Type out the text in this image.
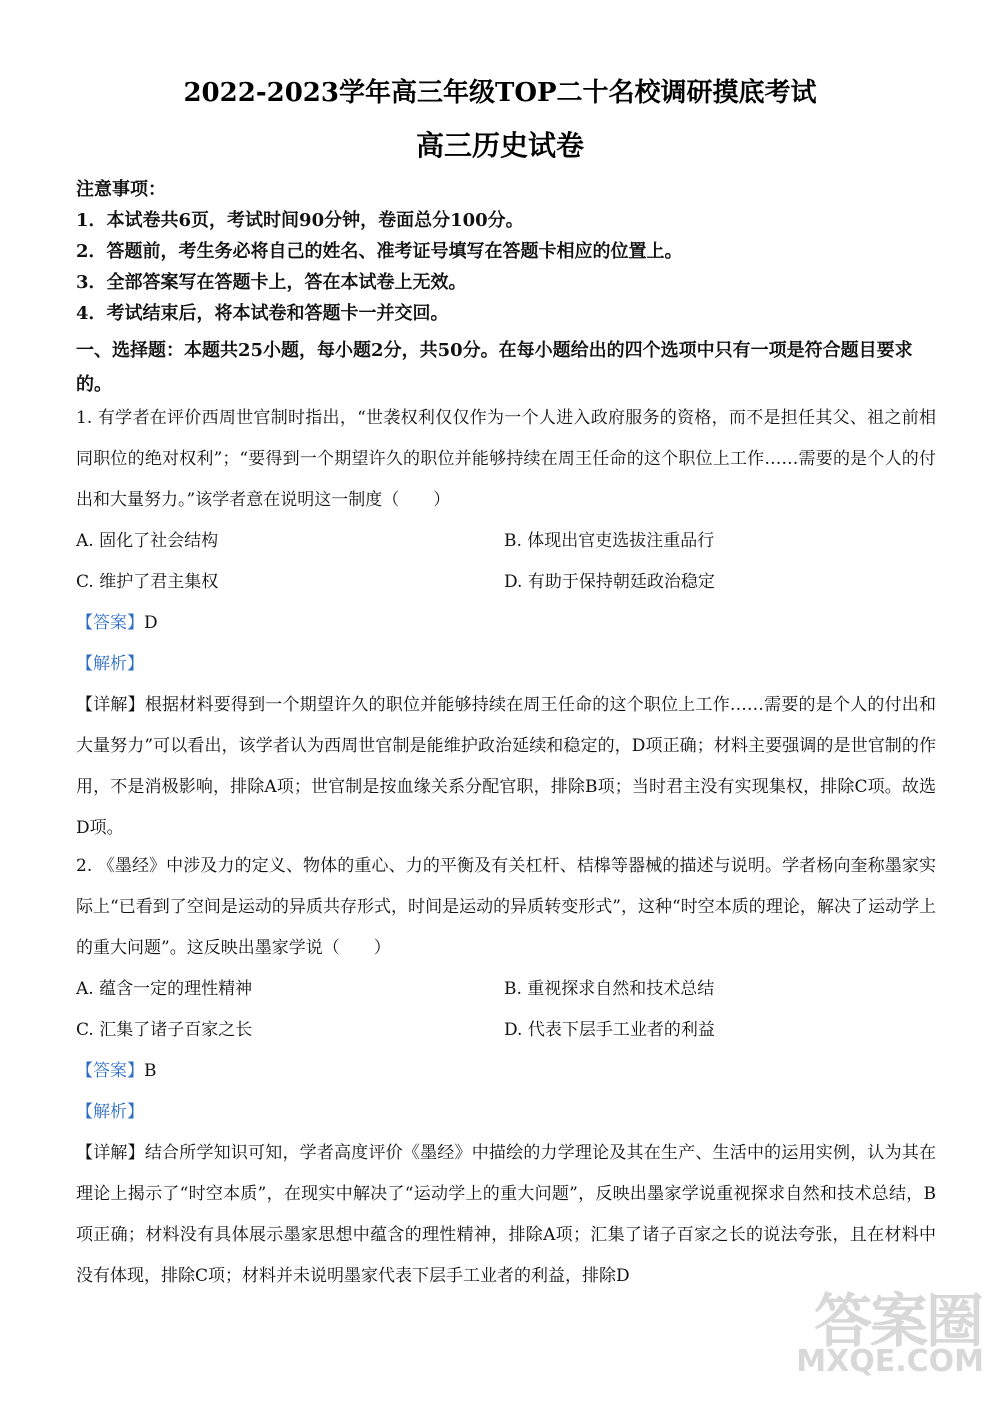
2022-2023学年高三年级TOP二十名校调研摸底考试
高三历史试卷
注意事项：
1．本试卷共6页，考试时间90分钟，卷面总分100分。
2．答题前，考生务必将自己的姓名、准考证号填写在答题卡相应的位置上。
3．全部答案写在答题卡上，答在本试卷上无效。
4．考试结束后，将本试卷和答题卡一并交回。
一、选择题：本题共25小题，每小题2分，共50分。在每小题给出的四个选项中只有一项是符合题目要求的。
1. 有学者在评价西周世官制时指出，“世袭权利仅仅作为一个人进入政府服务的资格，而不是担任其父、祖之前相同职位的绝对权利”；“要得到一个期望许久的职位并能够持续在周王任命的这个职位上工作……需要的是个人的付出和大量努力。”该学者意在说明这一制度（　　）
A. 固化了社会结构	B. 体现出官吏选拔注重品行
C. 维护了君主集权	D. 有助于保持朝廷政治稳定
【答案】D
【解析】
【详解】根据材料要得到一个期望许久的职位并能够持续在周王任命的这个职位上工作……需要的是个人的付出和大量努力”可以看出，该学者认为西周世官制是能维护政治延续和稳定的，D项正确；材料主要强调的是世官制的作用，不是消极影响，排除A项；世官制是按血缘关系分配官职，排除B项；当时君主没有实现集权，排除C项。故选D项。
2. 《墨经》中涉及力的定义、物体的重心、力的平衡及有关杠杆、桔槔等器械的描述与说明。学者杨向奎称墨家实际上“已看到了空间是运动的异质共存形式，时间是运动的异质转变形式”，这种“时空本质的理论，解决了运动学上的重大问题”。这反映出墨家学说（　　）
A. 蕴含一定的理性精神	B. 重视探求自然和技术总结
C. 汇集了诸子百家之长	D. 代表下层手工业者的利益
【答案】B
【解析】
【详解】结合所学知识可知，学者高度评价《墨经》中描绘的力学理论及其在生产、生活中的运用实例，认为其在理论上揭示了“时空本质”，在现实中解决了“运动学上的重大问题”，反映出墨家学说重视探求自然和技术总结，B项正确；材料没有具体展示墨家思想中蕴含的理性精神，排除A项；汇集了诸子百家之长的说法夸张，且在材料中没有体现，排除C项；材料并未说明墨家代表下层手工业者的利益，排除D
答案圈
MXQE.COM
